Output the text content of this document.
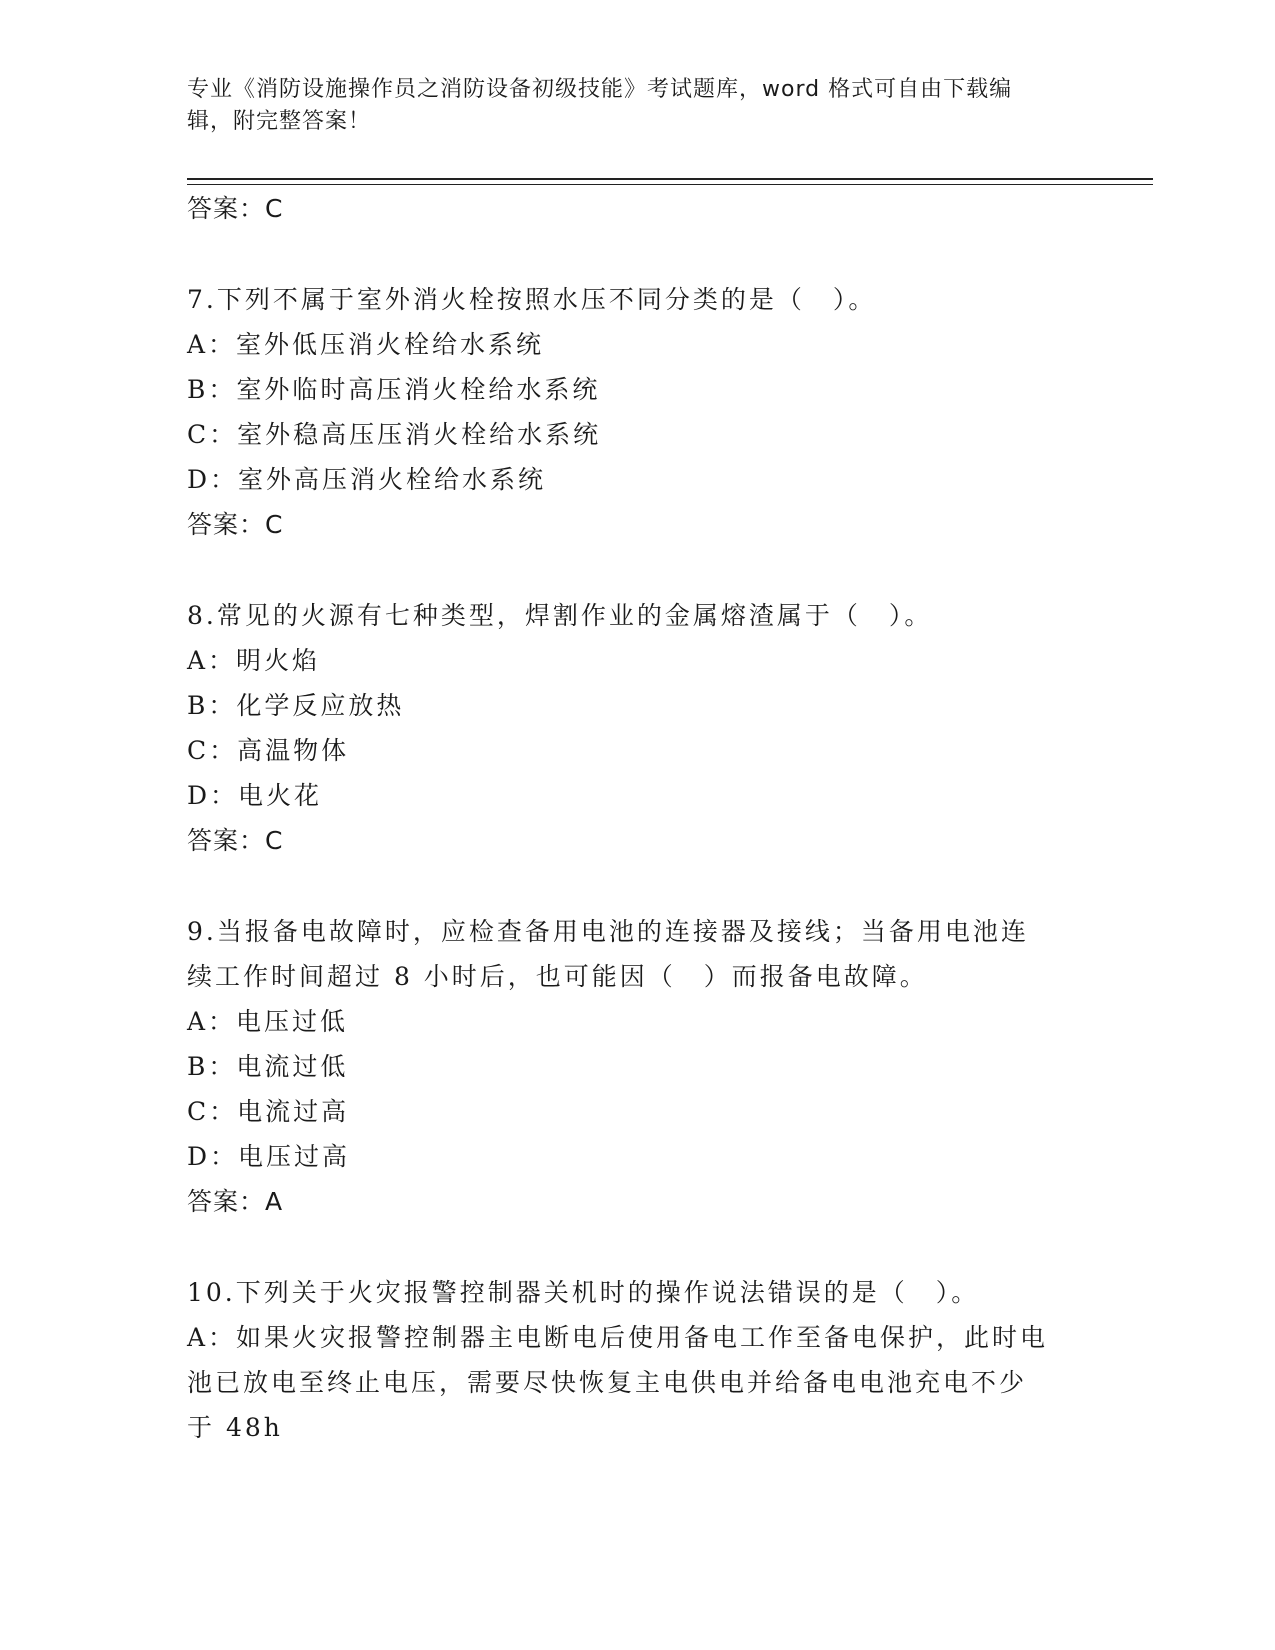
专业《消防设施操作员之消防设备初级技能》考试题库，word 格式可自由下载编
辑，附完整答案！

答案：C

7.下列不属于室外消火栓按照水压不同分类的是（　）。

A：室外低压消火栓给水系统

B：室外临时高压消火栓给水系统

C：室外稳高压压消火栓给水系统

D：室外高压消火栓给水系统

答案：C

8.常见的火源有七种类型，焊割作业的金属熔渣属于（　）。

A：明火焰

B：化学反应放热

C：高温物体

D：电火花

答案：C

9.当报备电故障时，应检查备用电池的连接器及接线；当备用电池连

续工作时间超过 8 小时后，也可能因（　）而报备电故障。

A：电压过低

B：电流过低

C：电流过高

D：电压过高

答案：A

10.下列关于火灾报警控制器关机时的操作说法错误的是（　）。

A：如果火灾报警控制器主电断电后使用备电工作至备电保护，此时电

池已放电至终止电压，需要尽快恢复主电供电并给备电电池充电不少

于 48h
